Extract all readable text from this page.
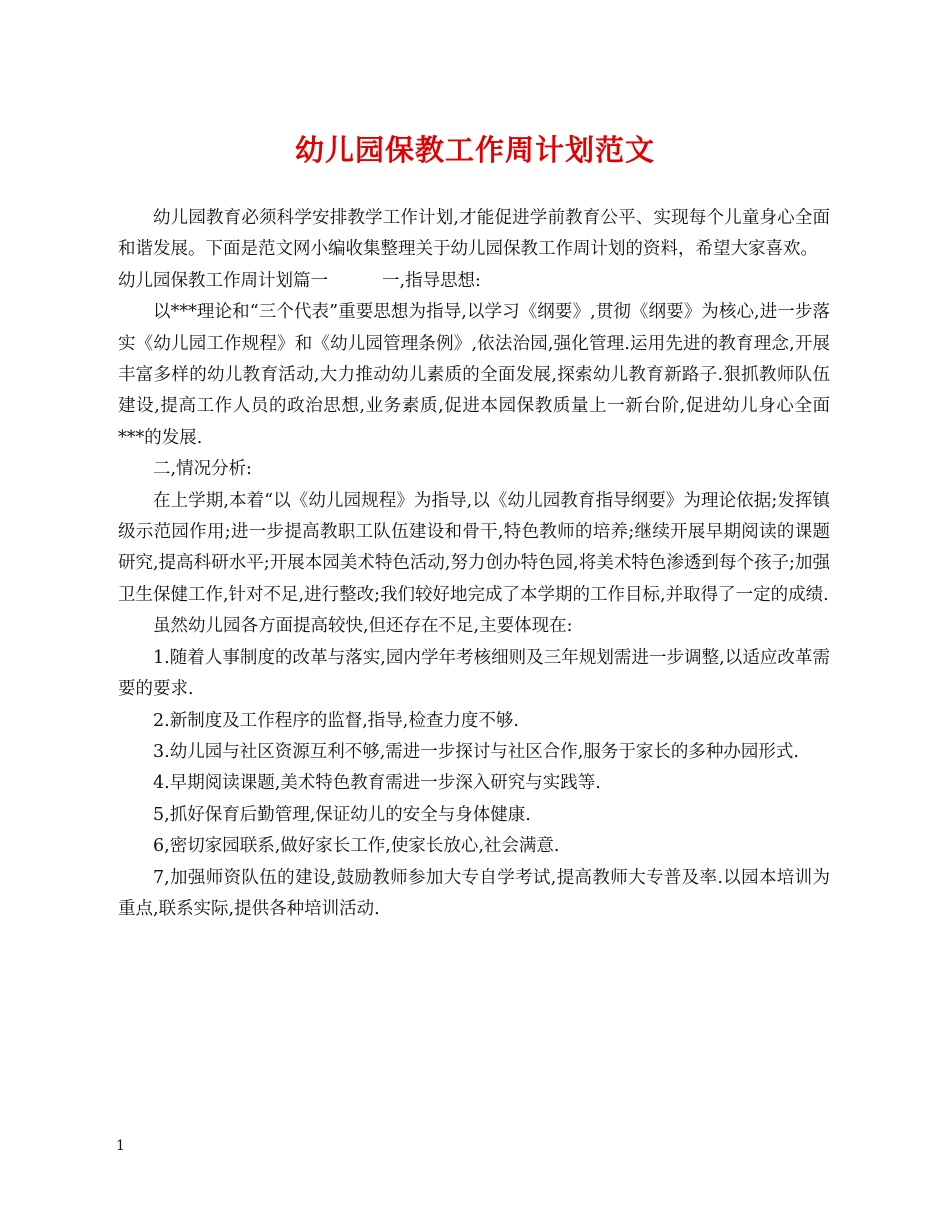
幼儿园保教工作周计划范文

幼儿园教育必须科学安排教学工作计划,才能促进学前教育公平、实现每个儿童身心全面和谐发展。下面是范文网小编收集整理关于幼儿园保教工作周计划的资料，希望大家喜欢。

幼儿园保教工作周计划篇一	一,指导思想:

以***理论和“三个代表”重要思想为指导,以学习《纲要》,贯彻《纲要》为核心,进一步落实《幼儿园工作规程》和《幼儿园管理条例》,依法治园,强化管理.运用先进的教育理念,开展丰富多样的幼儿教育活动,大力推动幼儿素质的全面发展,探索幼儿教育新路子.狠抓教师队伍建设,提高工作人员的政治思想,业务素质,促进本园保教质量上一新台阶,促进幼儿身心全面***的发展.

二,情况分析:

在上学期,本着“以《幼儿园规程》为指导,以《幼儿园教育指导纲要》为理论依据;发挥镇级示范园作用;进一步提高教职工队伍建设和骨干,特色教师的培养;继续开展早期阅读的课题研究,提高科研水平;开展本园美术特色活动,努力创办特色园,将美术特色渗透到每个孩子;加强卫生保健工作,针对不足,进行整改;我们较好地完成了本学期的工作目标,并取得了一定的成绩.

虽然幼儿园各方面提高较快,但还存在不足,主要体现在:

1.随着人事制度的改革与落实,园内学年考核细则及三年规划需进一步调整,以适应改革需要的要求.

2.新制度及工作程序的监督,指导,检查力度不够.

3.幼儿园与社区资源互利不够,需进一步探讨与社区合作,服务于家长的多种办园形式.

4.早期阅读课题,美术特色教育需进一步深入研究与实践等.

5,抓好保育后勤管理,保证幼儿的安全与身体健康.

6,密切家园联系,做好家长工作,使家长放心,社会满意.

7,加强师资队伍的建设,鼓励教师参加大专自学考试,提高教师大专普及率.以园本培训为重点,联系实际,提供各种培训活动.

1
